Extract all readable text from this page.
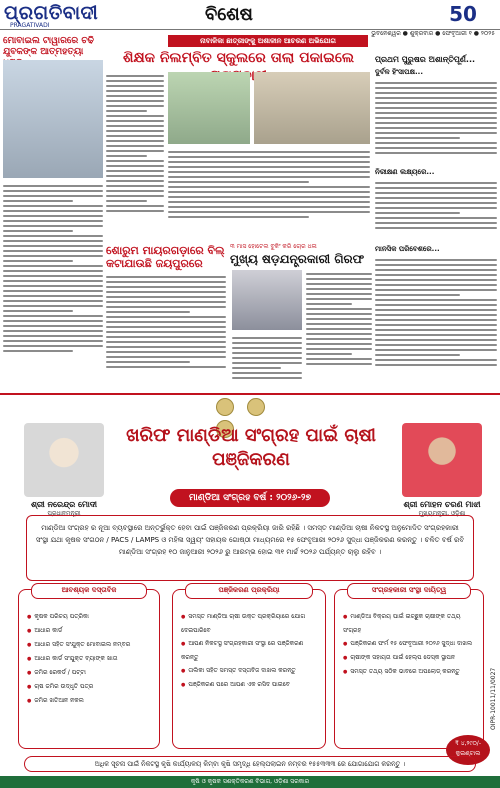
ପ୍ରଗତିବାଦୀ
PRAGATIVADI
ବିଶେଷ	50
ଭୁବନେଶ୍ୱର ● ଶୁକ୍ରବାର ● ଫେବୃଆରୀ ୧ ● ୨୦୨୫
ମୋବାଇଲ ଟାୱାରରେ ଚଢି ଯୁବକଙ୍କ ଆତ୍ମହତ୍ୟା
ନାବାଳିକା ଛାତ୍ରୀଙ୍କୁ ଅଶାଳୀନ ଆଚରଣ ଅଭିଯୋଗ
ଶିକ୍ଷକ ନିଲମ୍ବିତ ସ୍କୁଲରେ ତାଲା ପକାଇଲେ	ପ୍ରଥମ ପୁରୁଷର ଅଶାନ୍ତିପୂର୍ଣ...
ଦୁର୍ବଳ ହିଂସାପକ୍ଷ...
ନିରୀକ୍ଷଣ ଲକ୍ଷ୍ୟରେ...
ମାନସିକ ପରିବେଶରେ...
ଶୋରୁମ ମାୟରଗଡ଼ାରେ ବିଲ୍ କଟାଯାଉଛି ଜୟପୁରରେ
୩ ମାସ ହୋଟେଲ ବୁକିଂ କରି ଚୋର ଧଳା
ମୁଖ୍ୟ ଷଡ଼ଯନ୍ତ୍ରକାରୀ ଗିରଫ

ଶ୍ରୀ ନରେନ୍ଦ୍ର ମୋଦୀ
ପ୍ରଧାନମନ୍ତ୍ରୀ
ଶ୍ରୀ ମୋହନ ଚରଣ ମାଝୀ
ମୁଖ୍ୟମନ୍ତ୍ରୀ, ଓଡ଼ିଶା
ଖରିଫ ମାଣ୍ଡିଆ ସଂଗ୍ରହ ପାଇଁ ଚାଷୀ ପଞ୍ଜିକରଣ
ମାଣ୍ଡିଆ ସଂଗ୍ରହ ବର୍ଷ : ୨୦୨୬-୨୭
ମାଣ୍ଡିଆ ସଂଗ୍ରହ ର ନୂଆ ବ୍ୟବସ୍ଥାରେ ଅନ୍ତର୍ଭୁକ୍ତ ହେବା ପାଇଁ ପଞ୍ଜିକରଣ ପ୍ରକ୍ରିୟା ଜାରି ରହିଛି । ସମସ୍ତ ମାଣ୍ଡିଆ ଚାଷୀ ନିକଟସ୍ଥ ଅନୁମୋଦିତ ସଂଗ୍ରହକାରୀ ସଂସ୍ଥା ଯଥା କୃଷକ ସଂଗଠନ / PACS / LAMPS ଓ ମହିଳା ସ୍ୱୟଂ ସହାୟକ ଗୋଷ୍ଠୀ ମାଧ୍ୟମରେ ୧୫ ଫେବୃଆରୀ ୨୦୨୬ ସୁଦ୍ଧା ପଞ୍ଜିକରଣ କରନ୍ତୁ । ଚଳିତ ବର୍ଷ ରବି ମାଣ୍ଡିଆ ସଂଗ୍ରହ ୧୦ ଜାନୁଆରୀ ୨୦୨୬ ରୁ ଆରମ୍ଭ ହୋଇ ୩୧ ମାର୍ଚ୍ଚ ୨୦୨୬ ପର୍ଯ୍ୟନ୍ତ ଚାଲୁ ରହିବ ।
OIPR-10011/11/0027
ଆବଶ୍ୟକ ଦସ୍ତାବିଜ
● କୃଷକ ପରିଚୟ ପତ୍ରିକା
● ଆଧାର କାର୍ଡ
● ଆଧାର ସହିତ ସଂଯୁକ୍ତ ମୋବାଇଲ ନମ୍ବର
● ଆଧାର କାର୍ଡ ସଂଯୁକ୍ତ ବ୍ୟାଙ୍କ ଖାତା
● ଜମିର ରେକର୍ଡ / ପଟ୍ଟା
● ଚାଷ ଜମିର ଉଦ୍ଧୃତି ପତ୍ର
● ଜମିର ଖତିଆନ ନକଲ
ପଞ୍ଜିକରଣ ପ୍ରକ୍ରିୟା
● ସମସ୍ତ ମାଣ୍ଡିଆ ଚାଷୀ ଉକ୍ତ ପ୍ରକ୍ରିୟାରେ ଯୋଗ ଦେଇପାରିବେ
● ଆପଣ ନିକଟସ୍ଥ ସଂଗ୍ରହକାରୀ ସଂସ୍ଥା ରେ ପଞ୍ଜିକରଣ କରନ୍ତୁ
● ତାଲିକା ସହିତ ସମସ୍ତ ଦସ୍ତାବିଜ ଦାଖଲ କରନ୍ତୁ
● ପଞ୍ଜିକରଣ ପରେ ଆପଣ ଏକ ରସିଦ ପାଇବେ
ସଂଗ୍ରହକାରୀ ସଂସ୍ଥା ଦାୟିତ୍ୱ
● ମାଣ୍ଡିଆ ବିକ୍ରୟ ପାଇଁ ଇଚ୍ଛୁକ ଚାଷୀଙ୍କ ତଥ୍ୟ ସଂଗ୍ରହ
● ପଞ୍ଜିକରଣ ଫର୍ମ ୧୫ ଫେବୃଆରୀ ୨୦୨୬ ସୁଦ୍ଧା ଦାଖଲ
● ଚାଷୀଙ୍କ ସହାୟତା ପାଇଁ ହେଲ୍ପ ଡେସ୍କ ସ୍ଥାପନ
● ସମସ୍ତ ତଥ୍ୟ ସଠିକ ଭାବରେ ଅପଲୋଡ୍ କରନ୍ତୁ
₹ ୪,୨୯୦/- କୁଇଣ୍ଟାଲ
ଅଧିକ ସୂଚନା ପାଇଁ ନିକଟସ୍ଥ କୃଷି କାର୍ଯ୍ୟାଳୟ କିମ୍ବା କୃଷି ସମୃଦ୍ଧି ହେଲ୍ପଲାଇନ ନମ୍ବର ୧୫୫୩୩୩ ରେ ଯୋଗାଯୋଗ କରନ୍ତୁ ।
କୃଷି ଓ କୃଷକ ସଶକ୍ତିକରଣ ବିଭାଗ, ଓଡ଼ିଶା ସରକାର
